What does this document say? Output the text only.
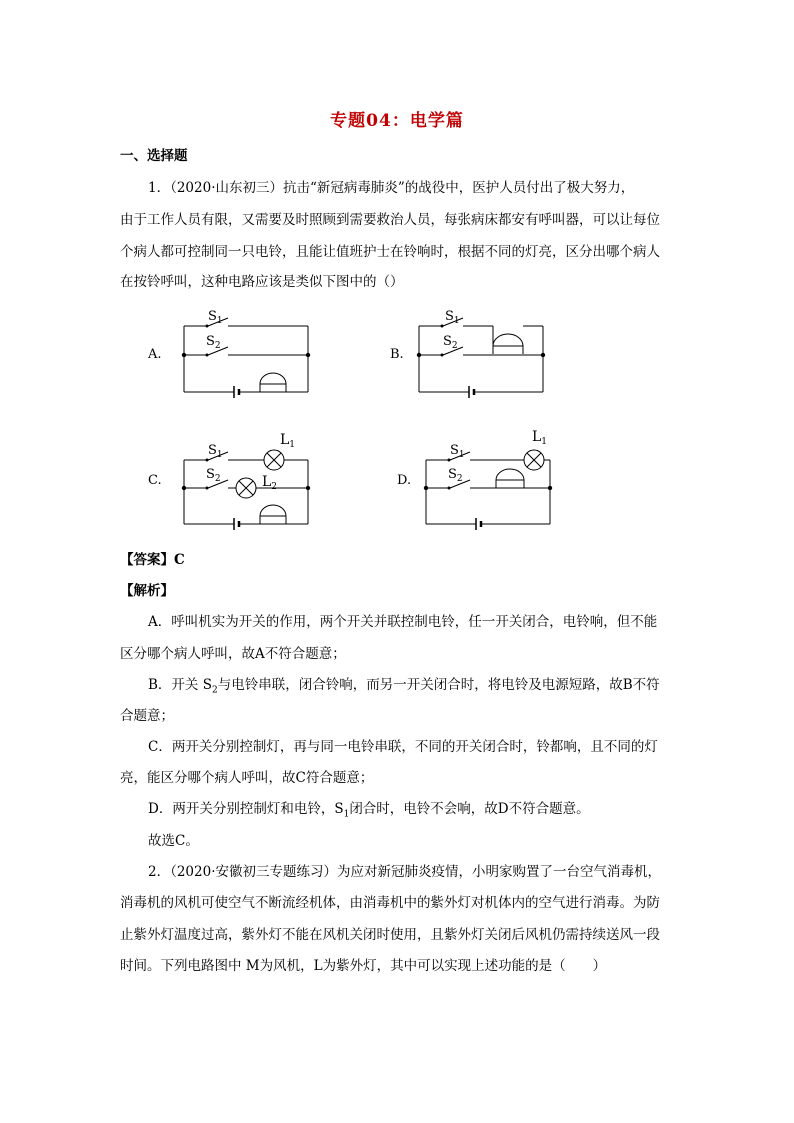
专题04：电学篇
一、选择题
1．（2020·山东初三）抗击“新冠病毒肺炎”的战役中，医护人员付出了极大努力，
由于工作人员有限，又需要及时照顾到需要救治人员，每张病床都安有呼叫器，可以让每位
个病人都可控制同一只电铃，且能让值班护士在铃响时，根据不同的灯亮，区分出哪个病人
在按铃呼叫，这种电路应该是类似下图中的（）
A.	B.
C.	D.
$S_1$
$S_2$
$S_1$
$S_2$
$S_1$
$S_2$
$L_1$
$L_2$
$S_1$
$S_2$
$L_1$
【答案】C
【解析】
A．呼叫机实为开关的作用，两个开关并联控制电铃，任一开关闭合，电铃响，但不能
区分哪个病人呼叫，故A不符合题意；
B．开关 $S_2$与电铃串联，闭合铃响，而另一开关闭合时，将电铃及电源短路，故B不符
合题意；
C．两开关分别控制灯，再与同一电铃串联，不同的开关闭合时，铃都响，且不同的灯
亮，能区分哪个病人呼叫，故C符合题意；
D．两开关分别控制灯和电铃，$S_1$闭合时，电铃不会响，故D不符合题意。
故选C。
2．（2020·安徽初三专题练习）为应对新冠肺炎疫情，小明家购置了一台空气消毒机，
消毒机的风机可使空气不断流经机体，由消毒机中的紫外灯对机体内的空气进行消毒。为防
止紫外灯温度过高，紫外灯不能在风机关闭时使用，且紫外灯关闭后风机仍需持续送风一段
时间。下列电路图中 M为风机，L为紫外灯，其中可以实现上述功能的是（　　）
